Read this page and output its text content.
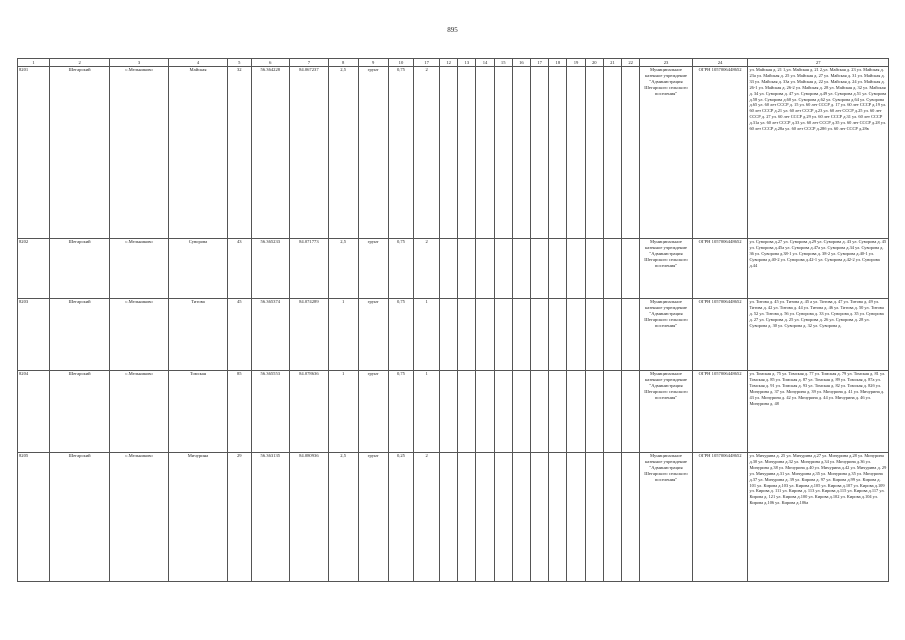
895
1	2	3	4	5	6	7	8	9	10	17	12	13	14	15	16	17	18	19	20	21	22	23	24	27
8201	Шегарский	с.Мельниково	Майская	32	56.364228	84.067237	2,5	грунт	0,75	2												Муниципальное казенное учреждение "Администрация Шегарского сельского поселения"	ОГРН 1057006448652	ул. Майская д. 21 1,ул. Майская д. 21 2,ул. Майская д. 23 ул. Майская д. 23а ул. Майская д. 25 ул. Майская д. 27 ул. Майская д. 31 ул. Майская д. 33 ул. Майская д. 33а ул. Майская д. 22 ул. Майская д. 24 ул. Майская д. 26-1 ул. Майская д. 26-2 ул. Майская д. 28 ул. Майская д. 32 ул. Майская д. 34 ул. Суворова д. 47 ул. Суворова д.49 ул. Суворова д.51 ул. Суворова д.58 ул. Суворова д.60 ул. Суворова д.62 ул. Суворова д.64 ул. Суворова д.65 ул. 60 лет СССР д. 15 ул. 60 лет СССР д. 17 ул. 60 лет СССР д.19 ул. 60 лет СССР д.21 ул. 60 лет СССР д.23 ул. 60 лет СССР д.25 ул. 60 лет СССР д. 27 ул. 60 лет СССР д.29 ул. 60 лет СССР д.31 ул. 60 лет СССР д.31а ул. 60 лет СССР д.33 ул. 60 лет СССР д.35 ул. 60 лет СССР д.28 ул. 60 лет СССР д.28а ул. 60 лет СССР д.28б ул. 60 лет СССР д.28в
8202	Шегарский	с.Мельниково	Суворова	43	56.365233	84.071773	2,5	грунт	0,75	2												Муниципальное казенное учреждение "Администрация Шегарского сельского поселения"	ОГРН 1057006448652	ул. Суворова д.27 ул. Суворова д.29 ул. Суворова д. 43 ул. Суворова д. 45 ул. Суворова д.45а ул. Суворова д.47а ул. Суворова д.34 ул. Суворова д. 36 ул. Суворова д.38-1 ул. Суворова д. 38-2 ул. Суворова д.40-1 ул. Суворова д.40-2 ул. Суворова д.42-1 ул. Суворова д.42-2 ул. Суворова д.44
8203	Шегарский	с.Мельниково	Титова	45	56.365374	84.074289	1	грунт	0,75	1												Муниципальное казенное учреждение "Администрация Шегарского сельского поселения"	ОГРН 1057006448652	ул. Титова д. 45 ул. Титова д. 45 а ул. Титова д. 47 ул. Титова д. 49 ул. Титова д. 42 ул. Титова д. 44 ул. Титова д. 46 ул. Титова д. 50 ул. Титова д. 52 ул. Титова д. 56 ул. Суворова д. 33 ул. Суворова д. 35 ул. Суворова д. 27 ул. Суворова д. 25 ул. Суворова д. 26 ул. Суворова д. 28 ул. Суворова д. 30 ул. Суворова д. 32 ул. Суворова д.
8204	Шегарский	с.Мельниково	Томская	85	56.365553	84.078636	1	грунт	0,75	1												Муниципальное казенное учреждение "Администрация Шегарского сельского поселения"	ОГРН 1057006448652	ул. Томская д. 75 ул. Томская д. 77 ул. Томская д. 79 ул. Томская д. 81 ул. Томская д. 85 ул. Томская д. 87 ул. Томская д. 89 ул. Томская д. 87а ул. Томская д. 91 ул. Томская д. 93 ул. Томская д. 82 ул. Томская д. 82б ул. Мичурина д. 37 ул. Мичурина д. 39 ул. Мичурина д. 41 ул. Мичурина д. 43 ул. Мичурина д. 42 ул. Мичурина д. 44 ул. Мичурина д. 46 ул. Мичурина д. 48
8205	Шегарский	с.Мельниково	Мичурина	29	56.363135	84.080936	2,5	грунт	0,25	2												Муниципальное казенное учреждение "Администрация Шегарского сельского поселения"	ОГРН 1057006448652	ул. Мичурина д. 25 ул. Мичурина д.27 ул. Мичурина д.28 ул. Мичурина д.30 ул. Мичурина д.32 ул. Мичурина д.34 ул. Мичурина д.36 ул. Мичурина д.38 ул. Мичурина д.40 ул. Мичурина д.42 ул. Мичурина д. 29 ул. Мичурина д.31 ул. Мичурина д.35 ул. Мичурина д.35 ул. Мичурина д.37 ул. Мичурина д. 39 ул. Кирова д. 97 ул. Кирова д.99 ул. Кирова д. 101 ул. Кирова д.103 ул. Кирова д.105 ул. Кирова д.107 ул. Кирова д.109 ул. Кирова д. 111 ул. Кирова д. 113 ул. Кирова д.115 ул. Кирова д.117 ул. Кирова д. 121 ул. Кирова д.100 ул. Кирова д.102 ул. Кирова д.104 ул. Кирова д.106 ул. Кирова д.106а
